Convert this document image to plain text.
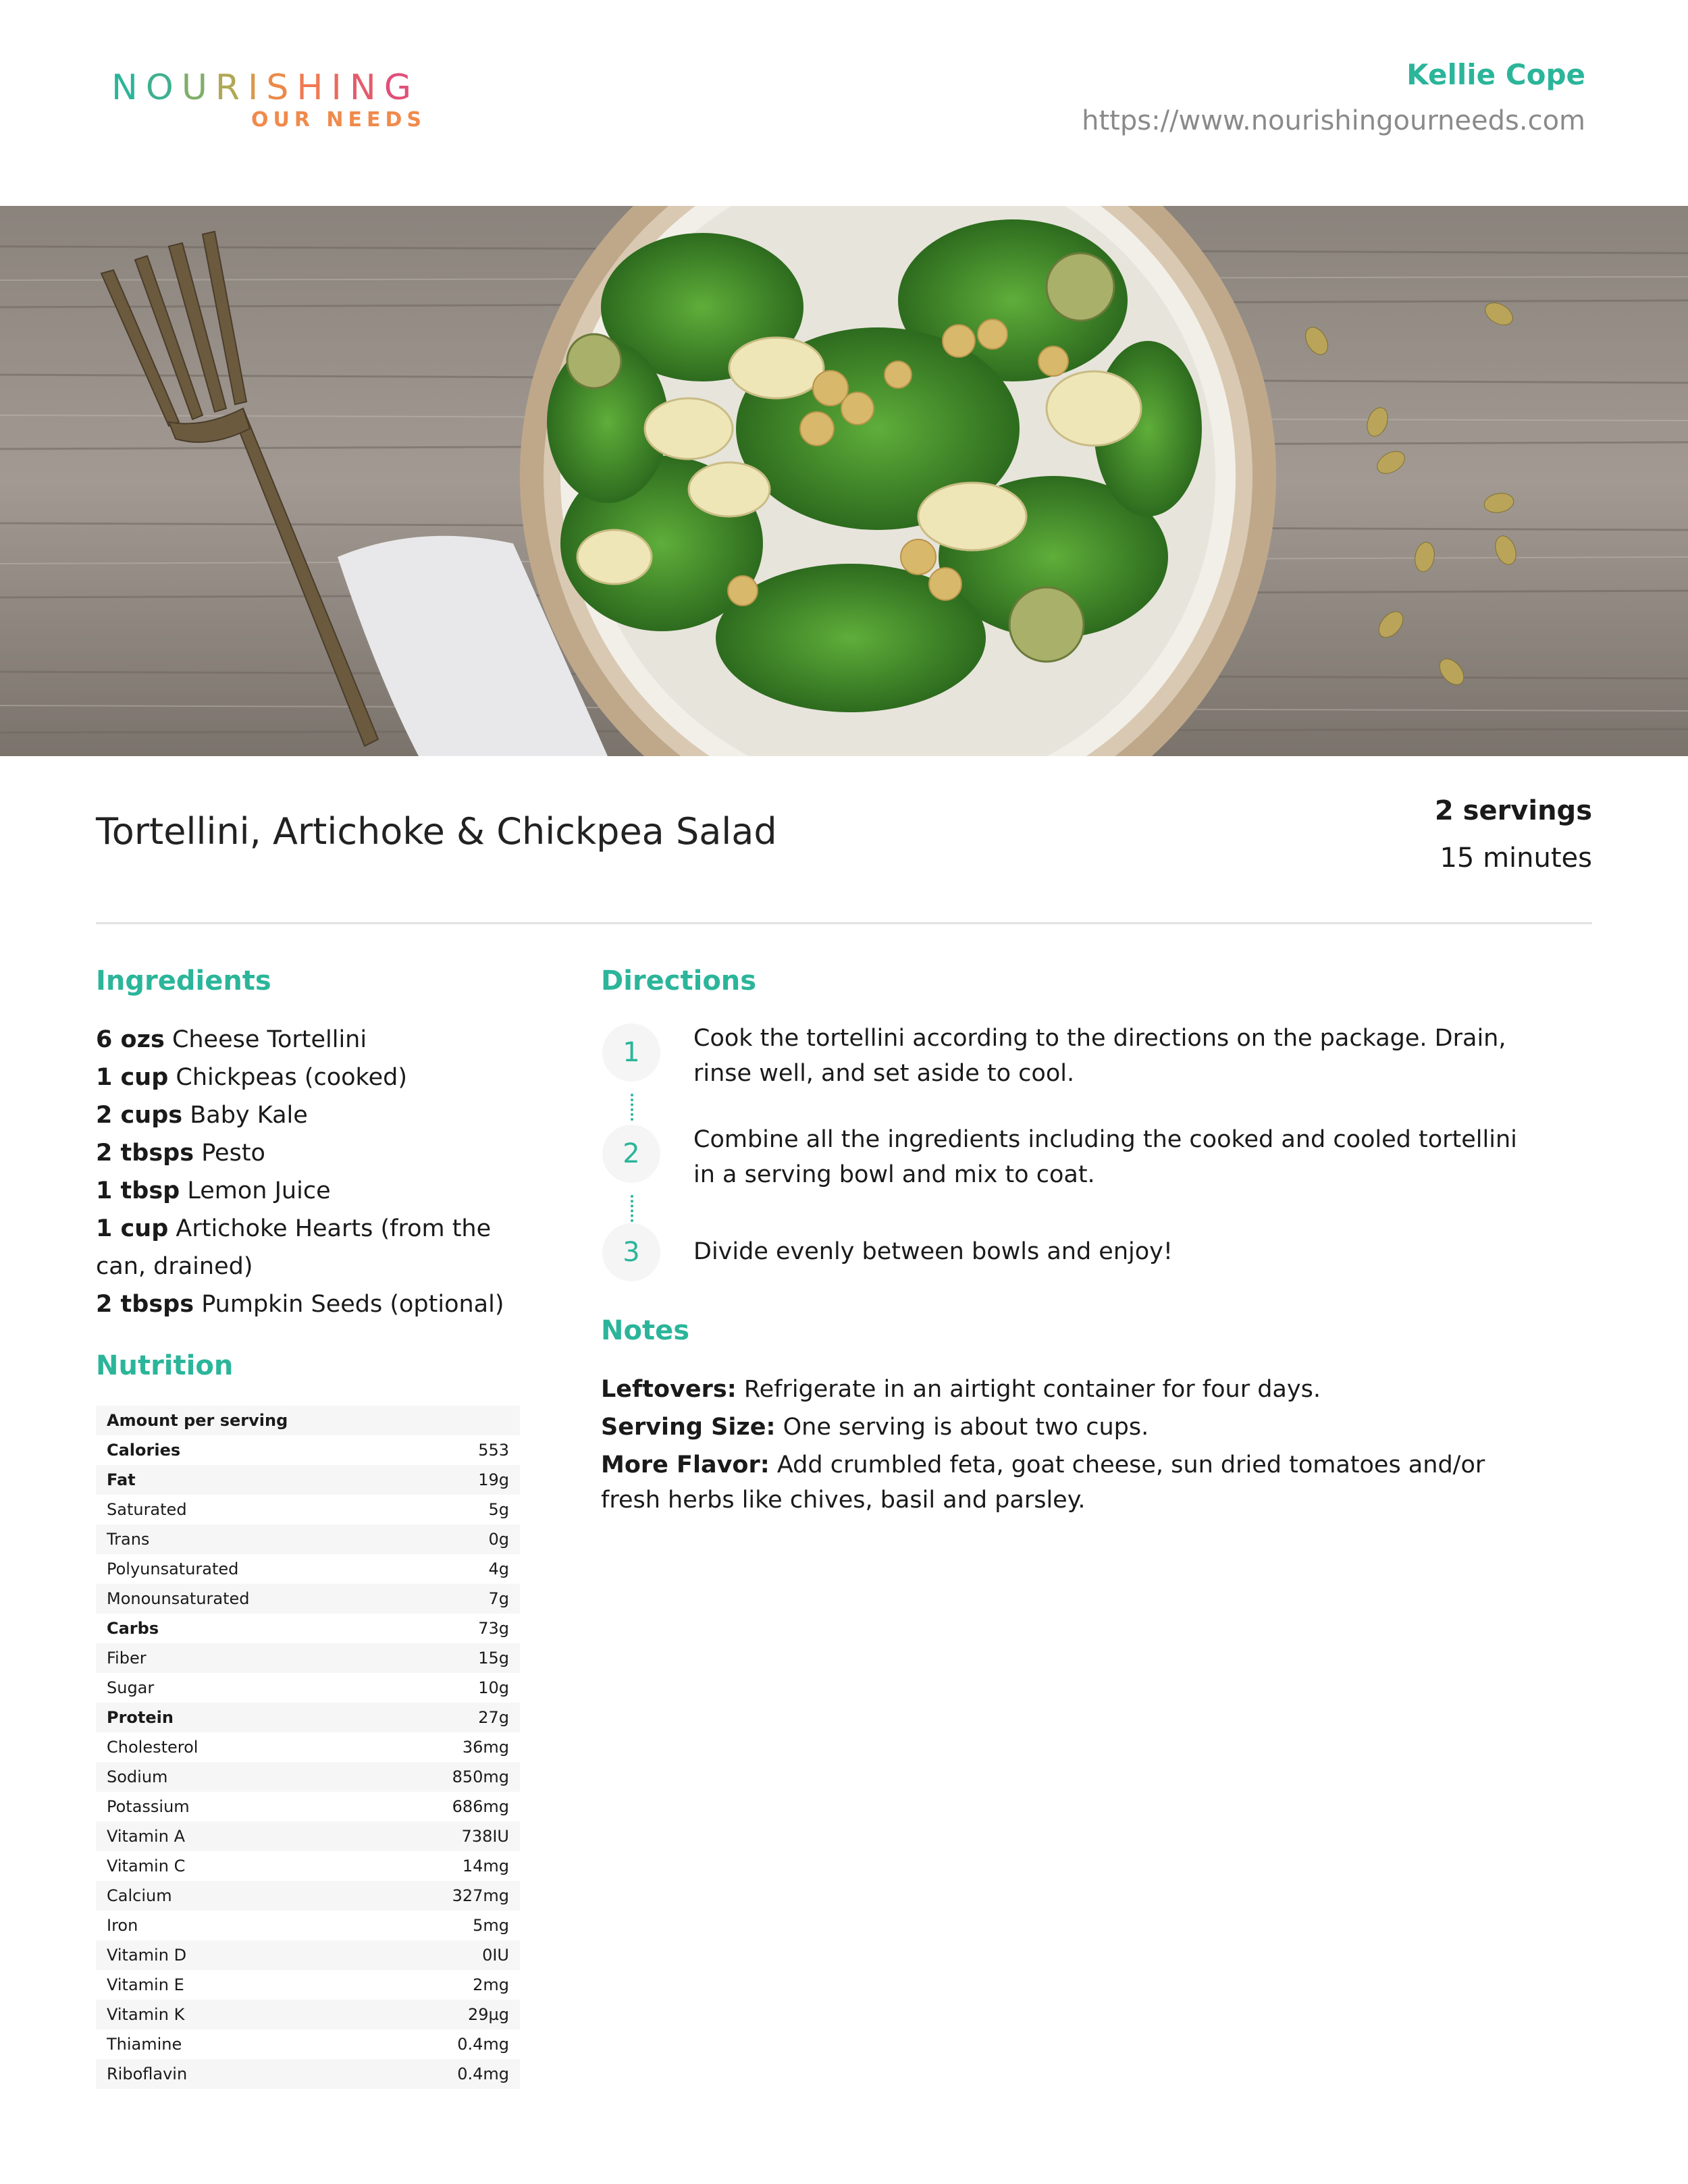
NOURISHING
OUR NEEDS
Kellie Cope
https://www.nourishingourneeds.com
Tortellini, Artichoke & Chickpea Salad	2 servings
15 minutes
Ingredients
6 ozs Cheese Tortellini
1 cup Chickpeas (cooked)
2 cups Baby Kale
2 tbsps Pesto
1 tbsp Lemon Juice
1 cup Artichoke Hearts (from the can, drained)
2 tbsps Pumpkin Seeds (optional)
Nutrition
Amount per serving
Calories	553
Fat	19g
Saturated	5g
Trans	0g
Polyunsaturated	4g
Monounsaturated	7g
Carbs	73g
Fiber	15g
Sugar	10g
Protein	27g
Cholesterol	36mg
Sodium	850mg
Potassium	686mg
Vitamin A	738IU
Vitamin C	14mg
Calcium	327mg
Iron	5mg
Vitamin D	0IU
Vitamin E	2mg
Vitamin K	29µg
Thiamine	0.4mg
Riboflavin	0.4mg
Directions
1	Cook the tortellini according to the directions on the package. Drain, rinse well, and set aside to cool.
2	Combine all the ingredients including the cooked and cooled tortellini in a serving bowl and mix to coat.
3	Divide evenly between bowls and enjoy!
Notes

Leftovers: Refrigerate in an airtight container for four days.

Serving Size: One serving is about two cups.

More Flavor: Add crumbled feta, goat cheese, sun dried tomatoes and/or fresh herbs like chives, basil and parsley.
